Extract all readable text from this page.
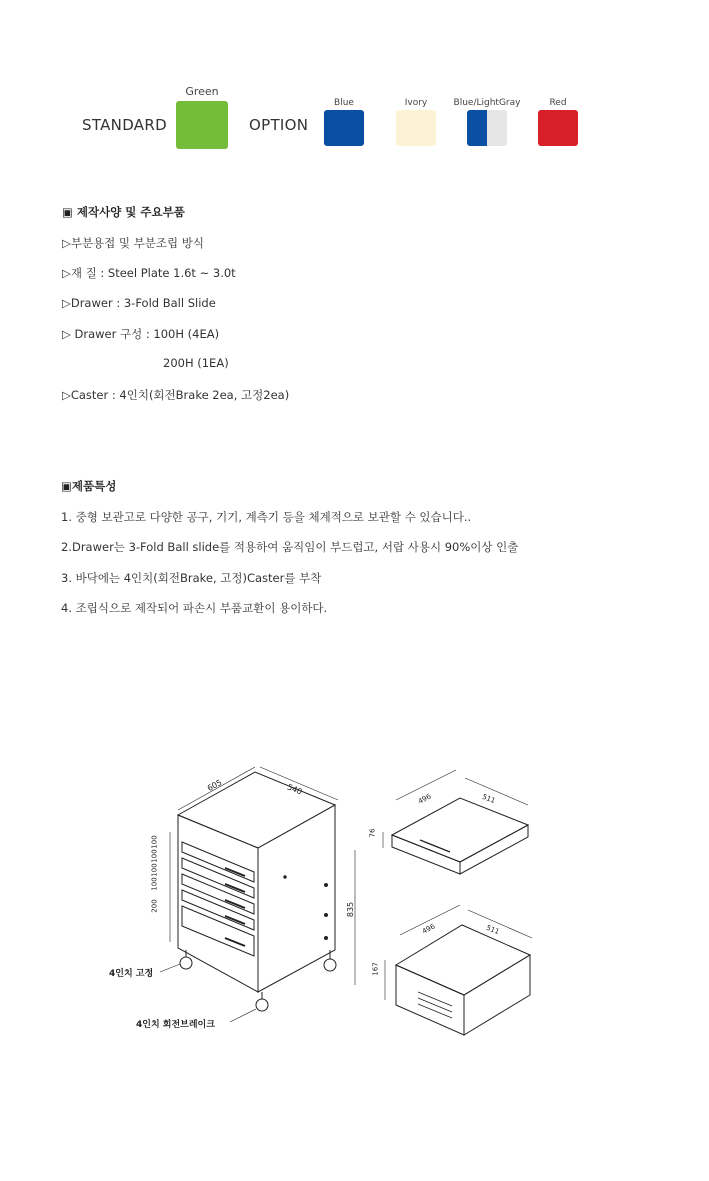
STANDARD
Green
OPTION
Blue	Ivory	Blue/LightGray	Red
▣ 제작사양 및 주요부품
▷부분용접 및 부분조립 방식
▷재 질 : Steel Plate 1.6t ~ 3.0t
▷Drawer : 3-Fold Ball Slide
▷ Drawer 구성 : 100H (4EA)
200H (1EA)
▷Caster : 4인치(회전Brake 2ea, 고정2ea)
▣제품특성
1. 중형 보관고로 다양한 공구, 기기, 계측기 등을 체계적으로 보관할 수 있습니다..
2.Drawer는 3-Fold Ball slide를 적용하여 움직임이 부드럽고, 서랍 사용시 90%이상 인출
3. 바닥에는 4인치(회전Brake, 고정)Caster를 부착
4. 조립식으로 제작되어 파손시 부품교환이 용이하다.
4인치 고정
4인치 회전브레이크
605	540
835
100
100
100
100
200
496	511
76
496	511
167
